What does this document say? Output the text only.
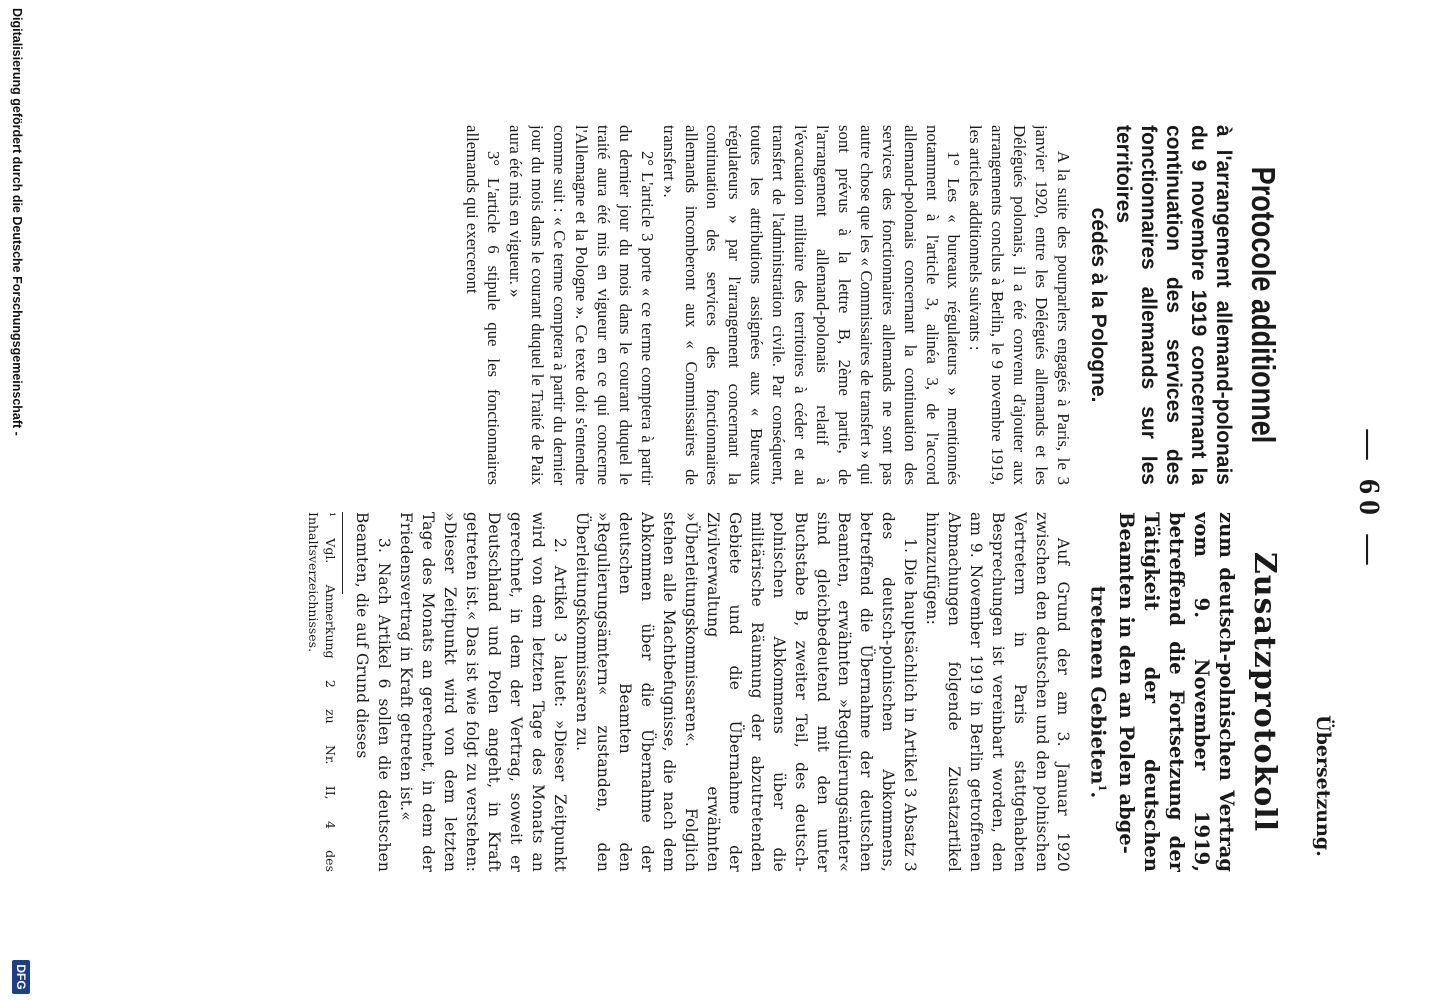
— 60 —
Übersetzung.
Protocole additionnel
à l'arrangement allemand-polonais du 9 novembre 1919 concernant la continuation des services des fonctionnaires allemands sur les territoires
cédés à la Pologne.

A la suite des pourparlers engagés à Paris, le 3 janvier 1920, entre les Délégués allemands et les Délégués polonais, il a été convenu d'ajouter aux arrangements conclus à Berlin, le 9 novembre 1919, les articles additionnels suivants :

1° Les « bureaux régulateurs » mentionnés notamment à l'article 3, alinéa 3, de l'accord allemand-polonais concernant la continuation des services des fonctionnaires allemands ne sont pas autre chose que les « Commissaires de transfert » qui sont prévus à la lettre B, 2ème partie, de l'arrangement allemand-polonais relatif à l'évacuation militaire des territoires à céder et au transfert de l'administration civile. Par conséquent, toutes les attributions assignées aux « Bureaux régulateurs » par l'arrangement concernant la continuation des services des fonctionnaires allemands incomberont aux « Commissaires de transfert ».

2° L'article 3 porte « ce terme comptera à partir du dernier jour du mois dans le courant duquel le traité aura été mis en vigueur en ce qui concerne l'Allemagne et la Pologne ». Ce texte doit s'entendre comme suit : « Ce terme comptera à partir du dernier jour du mois dans le courant duquel le Traité de Paix aura été mis en vigueur. »

3° L'article 6 stipule que les fonctionnaires allemands qui exerceront

Zusatzprotokoll
zum deutsch-polnischen Vertrag vom 9. November 1919, betreffend die Fortsetzung der Tätigkeit der deutschen Beamten in den an Polen abge-
tretenen Gebieten$^1$.

Auf Grund der am 3. Januar 1920 zwischen den deutschen und den polnischen Vertretern in Paris stattgehabten Besprechungen ist vereinbart worden, den am 9. November 1919 in Berlin getroffenen Abmachungen folgende Zusatzartikel hinzuzufügen:

1. Die hauptsächlich in Artikel 3 Absatz 3 des deutsch-polnischen Abkommens, betreffend die Übernahme der deutschen Beamten, erwähnten »Regulierungsämter« sind gleichbedeutend mit den unter Buchstabe B, zweiter Teil, des deutsch-polnischen Abkommens über die militärische Räumung der abzutretenden Gebiete und die Übernahme der Zivilverwaltung erwähnten »Überleitungskommissaren«. Folglich stehen alle Machtbefugnisse, die nach dem Abkommen über die Übernahme der deutschen Beamten den »Regulierungsämtern« zustanden, den Überleitungskommissaren zu.

2. Artikel 3 lautet: »Dieser Zeitpunkt wird von dem letzten Tage des Monats an gerechnet, in dem der Vertrag, soweit er Deutschland und Polen angeht, in Kraft getreten ist.« Das ist wie folgt zu verstehen: »Dieser Zeitpunkt wird von dem letzten Tage des Monats an gerechnet, in dem der Friedensvertrag in Kraft getreten ist.«

3. Nach Artikel 6 sollen die deutschen Beamten, die auf Grund dieses

¹ Vgl. Anmerkung 2 zu Nr. II, 4 des Inhaltsverzeichnisses.
Digitalisierung gefördert durch die Deutsche Forschungsgemeinschaft -
DFG
